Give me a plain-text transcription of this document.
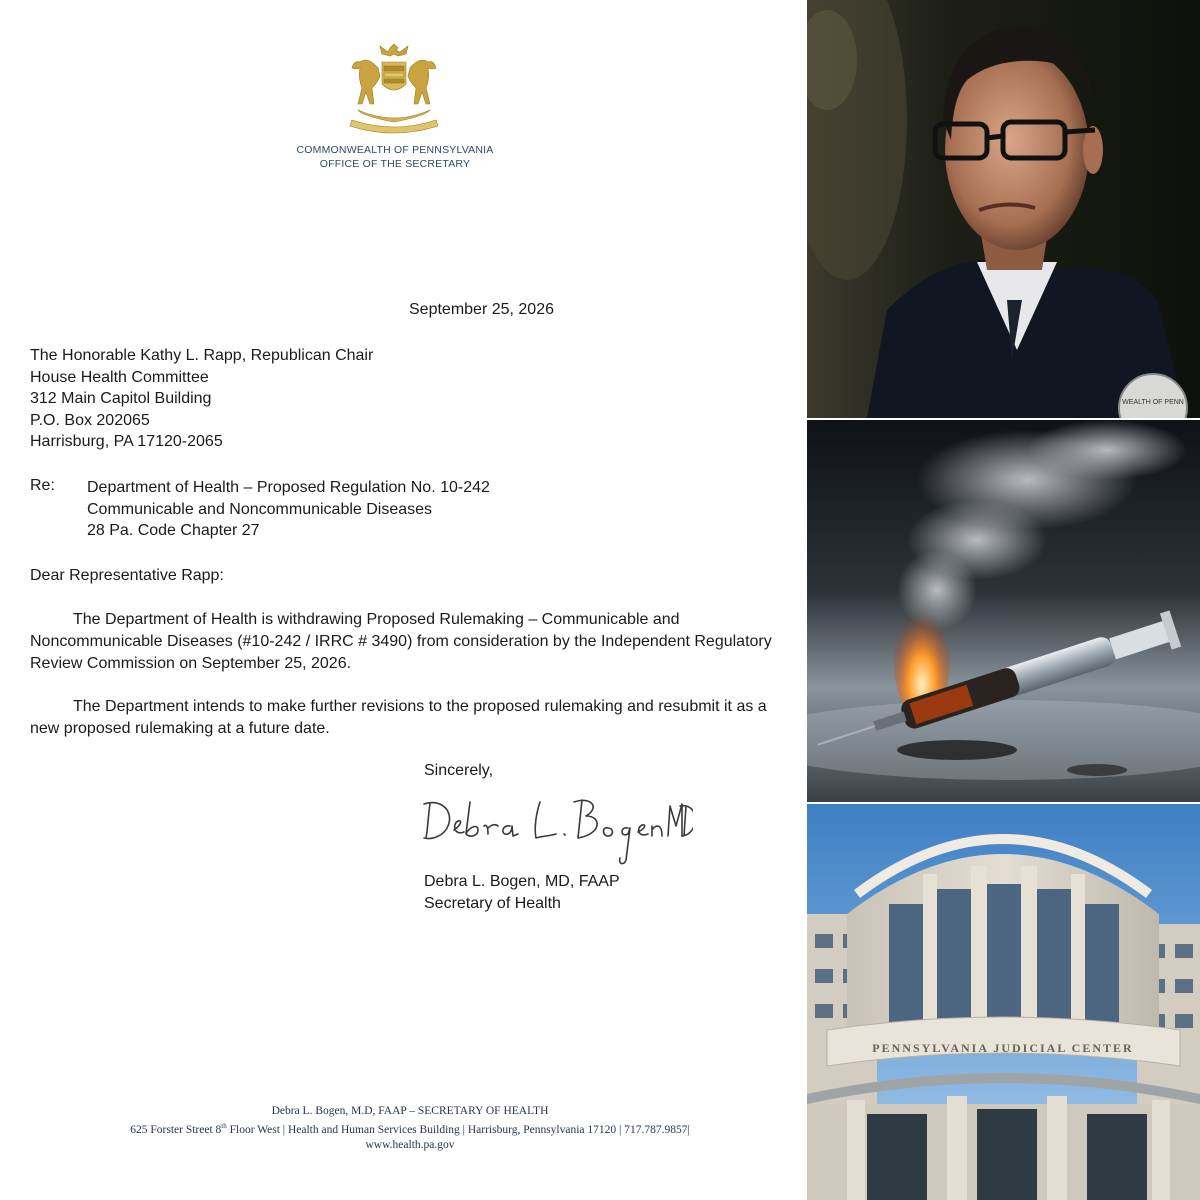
COMMONWEALTH OF PENNSYLVANIA
OFFICE OF THE SECRETARY
September 25, 2026
The Honorable Kathy L. Rapp, Republican Chair
House Health Committee
312 Main Capitol Building
P.O. Box 202065
Harrisburg, PA 17120-2065
Re: Department of Health – Proposed Regulation No. 10-242
Communicable and Noncommunicable Diseases
28 Pa. Code Chapter 27
Dear Representative Rapp:
The Department of Health is withdrawing Proposed Rulemaking – Communicable and Noncommunicable Diseases (#10-242 / IRRC # 3490) from consideration by the Independent Regulatory Review Commission on September 25, 2026.
The Department intends to make further revisions to the proposed rulemaking and resubmit it as a new proposed rulemaking at a future date.
Sincerely,
Debra L. Bogen, MD, FAAP
Secretary of Health
Debra L. Bogen, M.D, FAAP – SECRETARY OF HEALTH
625 Forster Street 8th Floor West | Health and Human Services Building | Harrisburg, Pennsylvania 17120 | 717.787.9857|
www.health.pa.gov
WEALTH OF PENN
PENNSYLVANIA JUDICIAL CENTER
